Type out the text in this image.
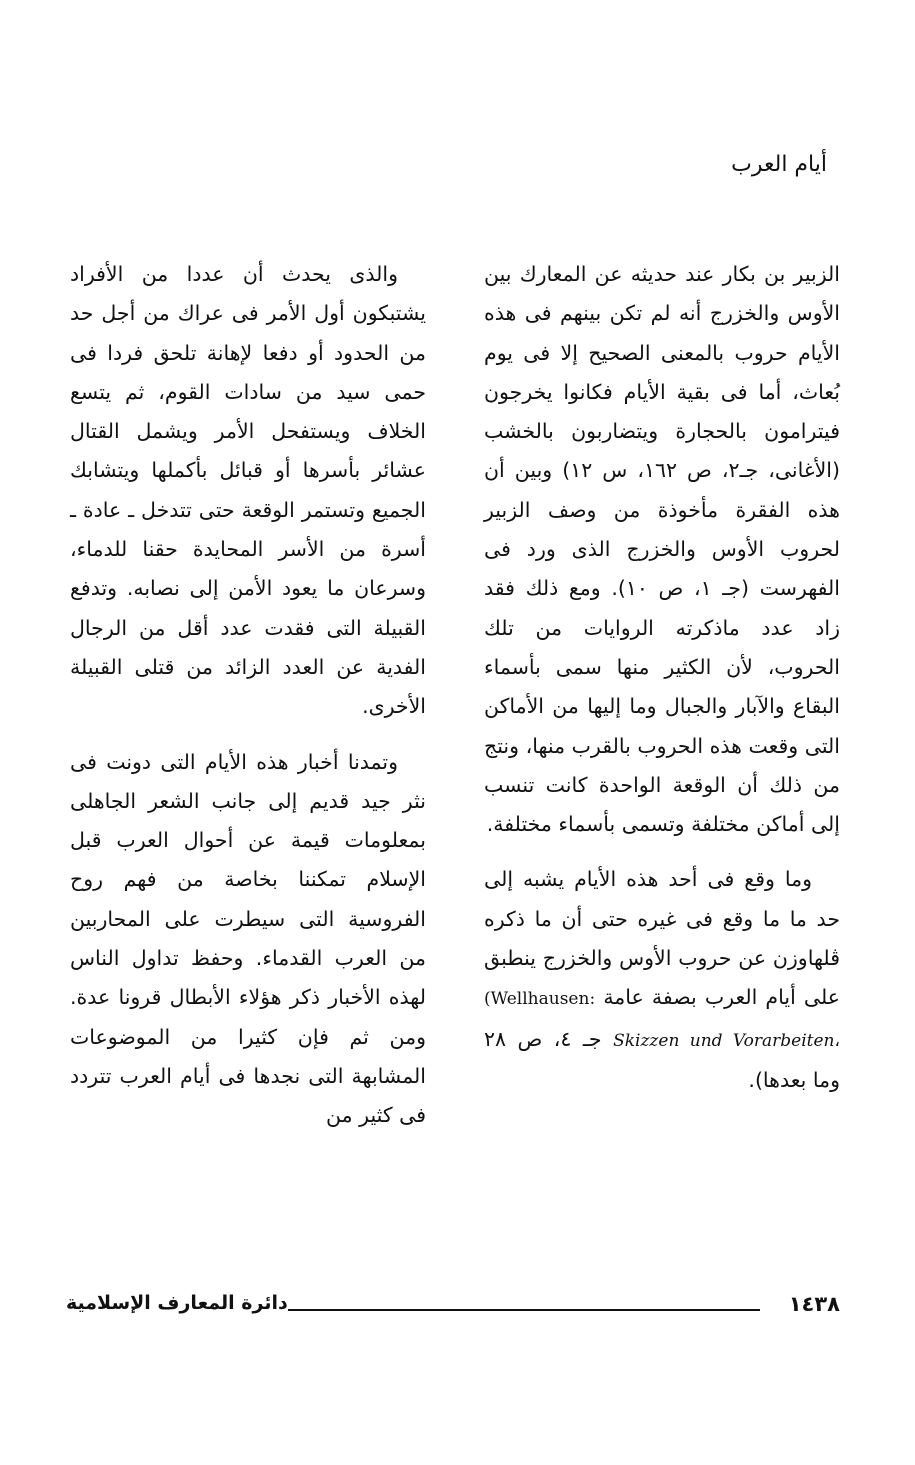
أيام العرب

الزبير بن بكار عند حديثه عن المعارك بين الأوس والخزرج أنه لم تكن بينهم فى هذه الأيام حروب بالمعنى الصحيح إلا فى يوم بُعاث، أما فى بقية الأيام فكانوا يخرجون فيترامون بالحجارة ويتضاربون بالخشب (الأغانى، جـ٢، ص ١٦٢، س ١٢) وبين أن هذه الفقرة مأخوذة من وصف الزبير لحروب الأوس والخزرج الذى ورد فى الفهرست (جـ ١، ص ١٠). ومع ذلك فقد زاد عدد ماذكرته الروايات من تلك الحروب، لأن الكثير منها سمى بأسماء البقاع والآبار والجبال وما إليها من الأماكن التى وقعت هذه الحروب بالقرب منها، ونتج من ذلك أن الوقعة الواحدة كانت تنسب إلى أماكن مختلفة وتسمى بأسماء مختلفة.

وما وقع فى أحد هذه الأيام يشبه إلى حد ما ما وقع فى غيره حتى أن ما ذكره ڤلهاوزن عن حروب الأوس والخزرج ينطبق على أيام العرب بصفة عامة (Wellhausen: Skizzen und Vorarbeiten، جـ ٤، ص ٢٨ وما بعدها).

والذى يحدث أن عددا من الأفراد يشتبكون أول الأمر فى عراك من أجل حد من الحدود أو دفعا لإهانة تلحق فردا فى حمى سيد من سادات القوم، ثم يتسع الخلاف ويستفحل الأمر ويشمل القتال عشائر بأسرها أو قبائل بأكملها ويتشابك الجميع وتستمر الوقعة حتى تتدخل ـ عادة ـ أسرة من الأسر المحايدة حقنا للدماء، وسرعان ما يعود الأمن إلى نصابه. وتدفع القبيلة التى فقدت عدد أقل من الرجال الفدية عن العدد الزائد من قتلى القبيلة الأخرى.

وتمدنا أخبار هذه الأيام التى دونت فى نثر جيد قديم إلى جانب الشعر الجاهلى بمعلومات قيمة عن أحوال العرب قبل الإسلام تمكننا بخاصة من فهم روح الفروسية التى سيطرت على المحاربين من العرب القدماء. وحفظ تداول الناس لهذه الأخبار ذكر هؤلاء الأبطال قرونا عدة. ومن ثم فإن كثيرا من الموضوعات المشابهة التى نجدها فى أيام العرب تتردد فى كثير من

١٤٣٨
دائرة المعارف الإسلامية
